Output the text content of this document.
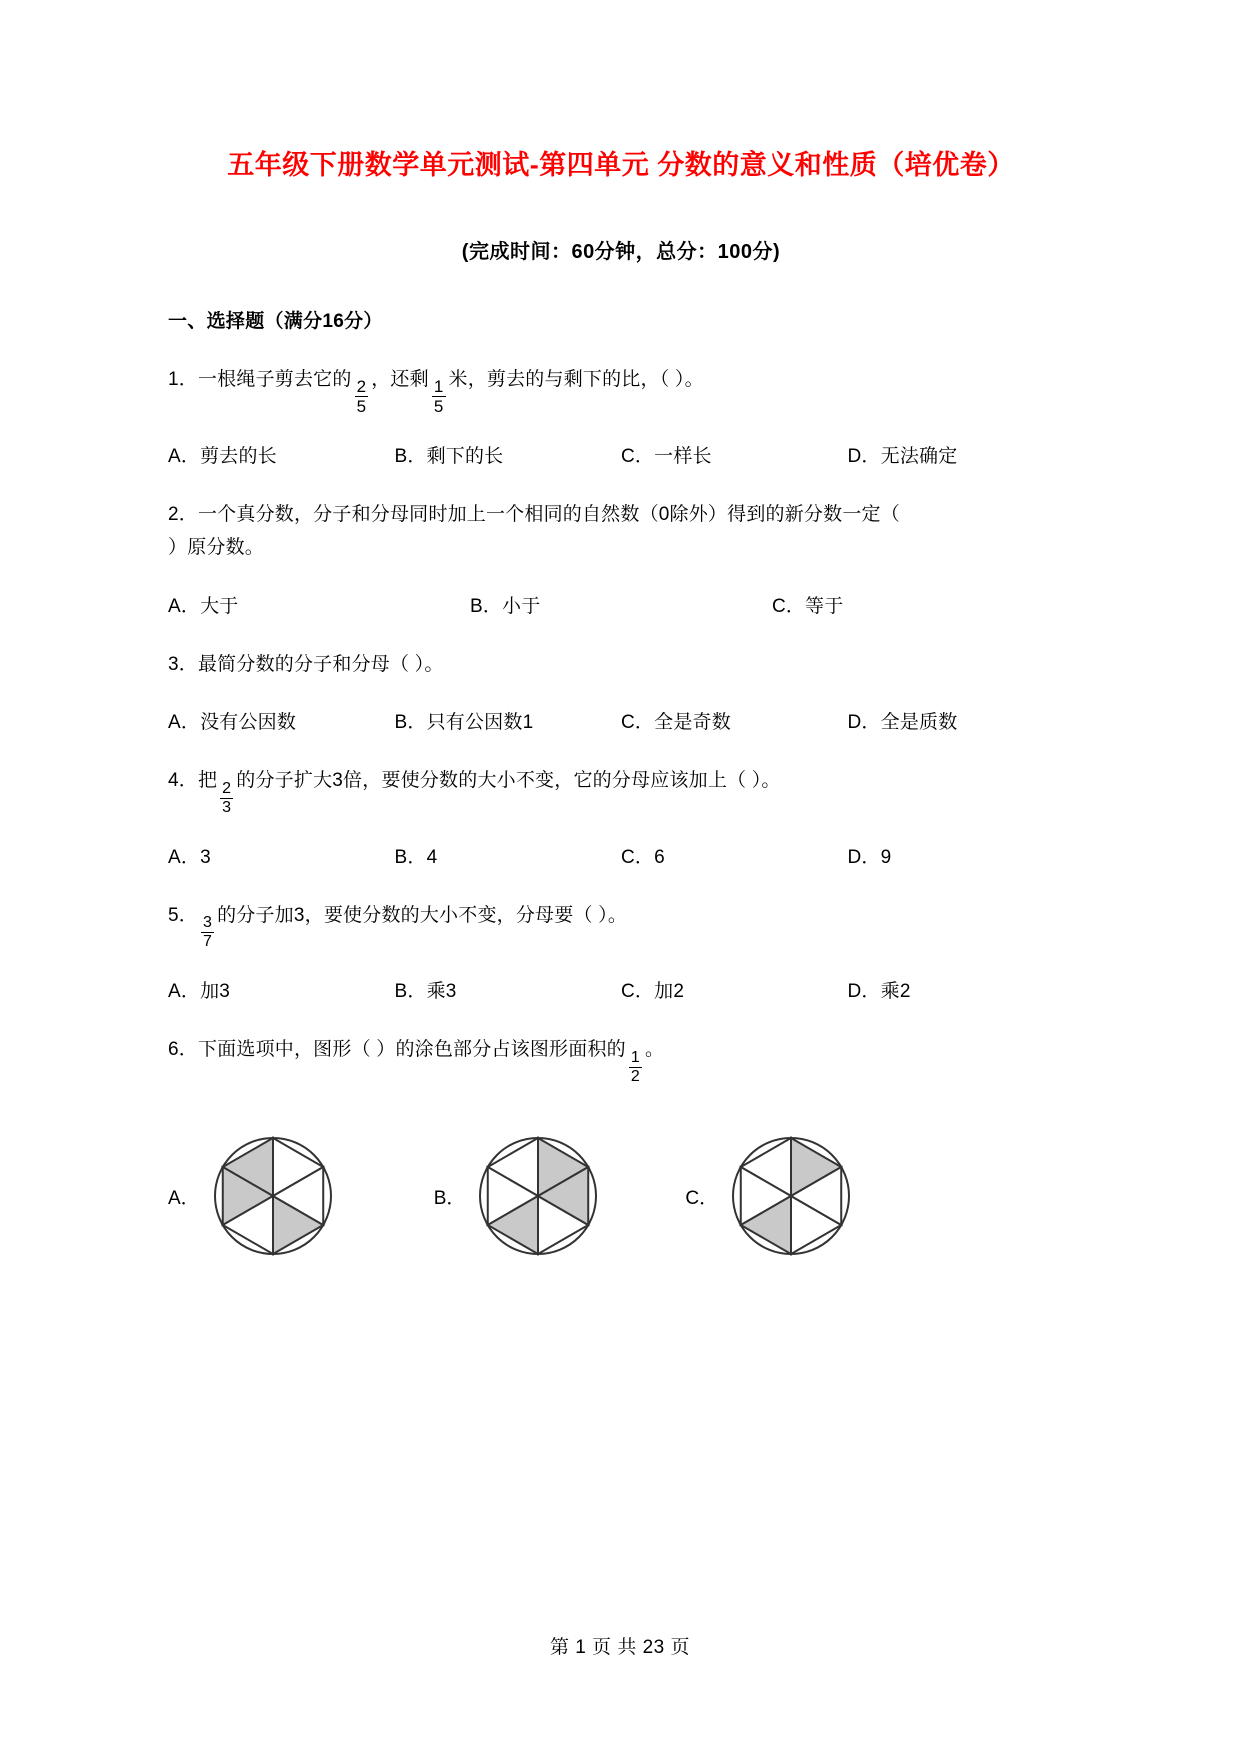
五年级下册数学单元测试-第四单元 分数的意义和性质（培优卷）
(完成时间：60分钟，总分：100分)
一、选择题（满分16分）
1．一根绳子剪去它的 $\frac{2}{5}$ ，还剩 $\frac{1}{5}$ 米，剪去的与剩下的比，（ ）。
A．剪去的长	B．剩下的长	C．一样长	D．无法确定
2．一个真分数，分子和分母同时加上一个相同的自然数（0除外）得到的新分数一定（
）原分数。
A．大于	B．小于	C．等于
3．最简分数的分子和分母（ ）。
A．没有公因数	B．只有公因数1	C．全是奇数	D．全是质数
4．把
$\frac{2}{3}$
的分子扩大3倍，要使分数的大小不变，它的分母应该加上（ ）。
A．3	B．4	C．6	D．9
5．
$\frac{3}{7}$
的分子加3，要使分数的大小不变，分母要（ ）。
A．加3	B．乘3	C．加2	D．乘2
6．下面选项中，图形（ ）的涂色部分占该图形面积的
$\frac{1}{2}$
。
A．	B．	C．
第 1 页 共 23 页
